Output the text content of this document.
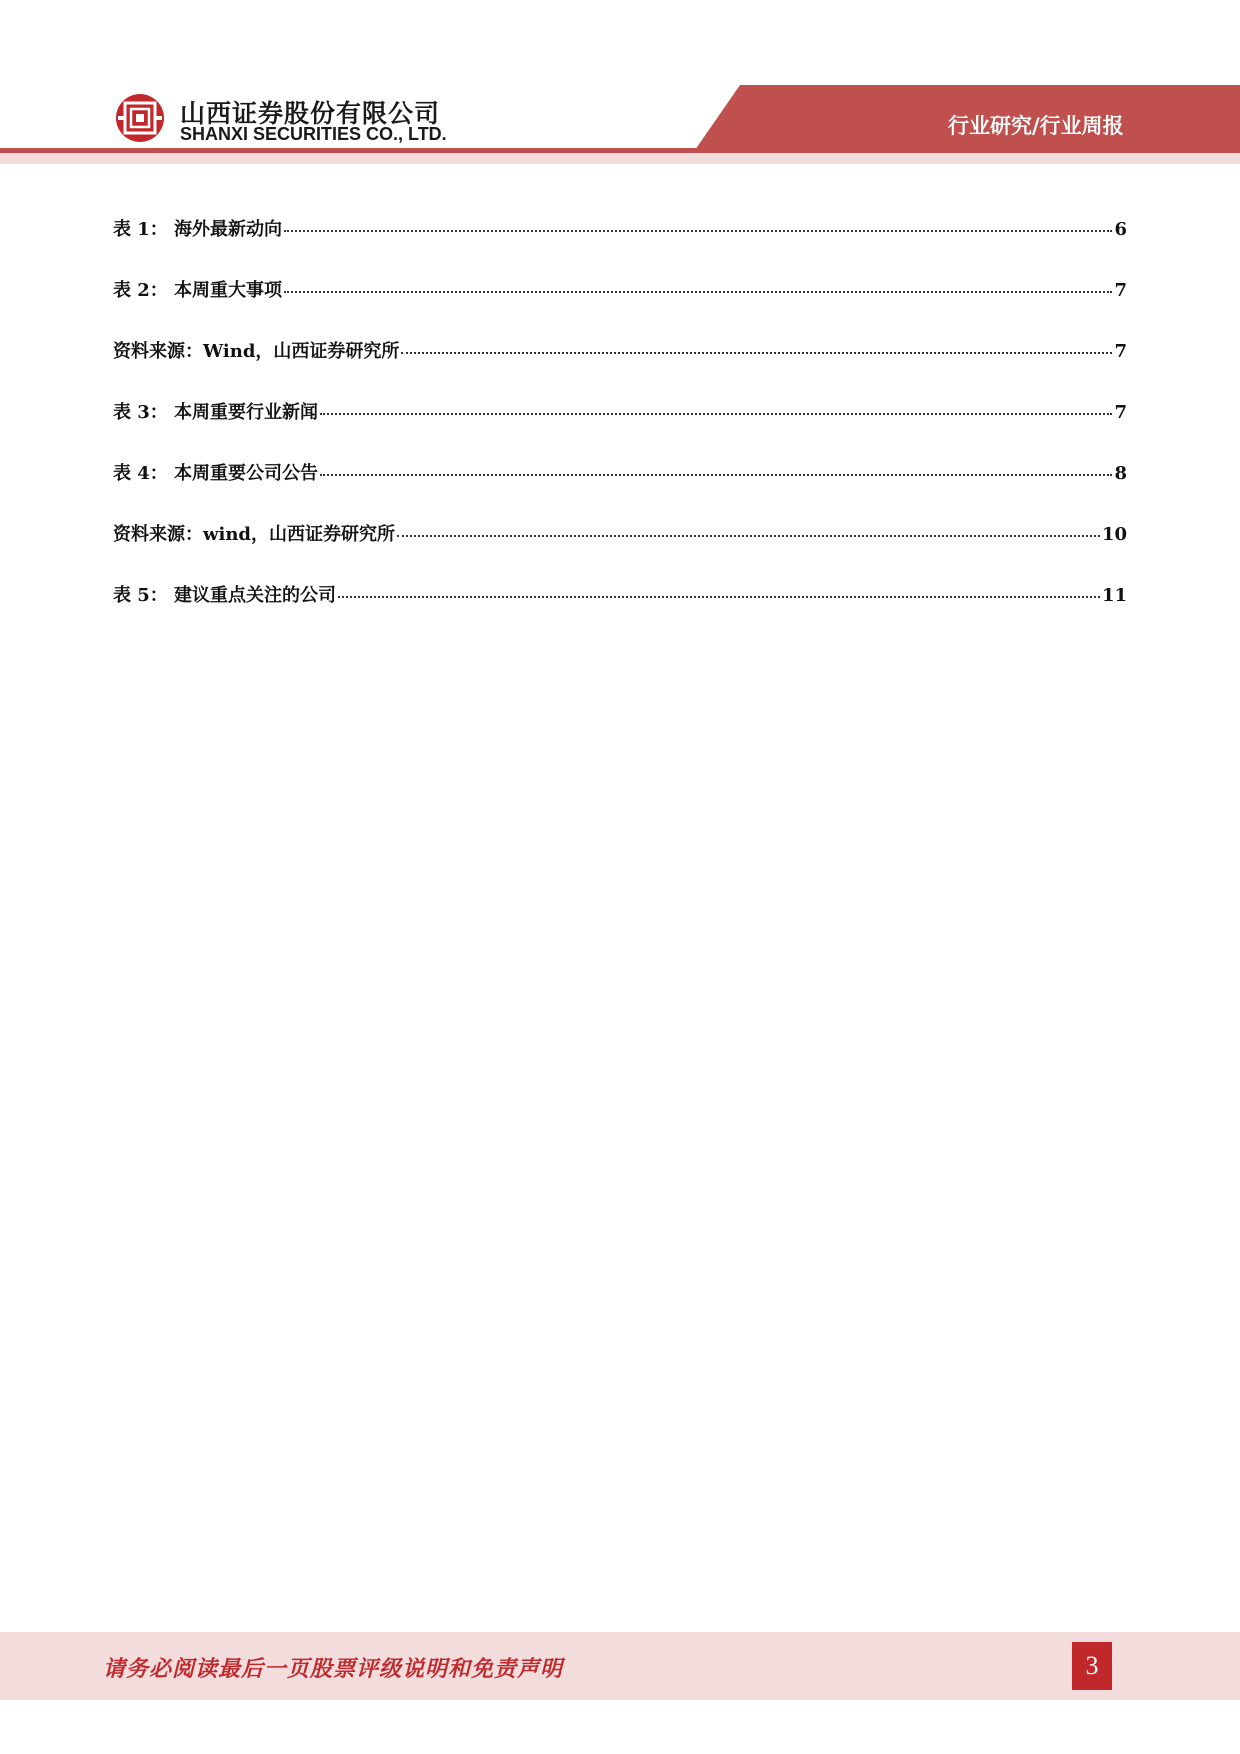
山西证券股份有限公司
SHANXI SECURITIES CO., LTD.	行业研究/行业周报
表 1： 海外最新动向	6
表 2： 本周重大事项	7
资料来源：Wind，山西证券研究所	7
表 3： 本周重要行业新闻	7
表 4： 本周重要公司公告	8
资料来源：wind，山西证券研究所	10
表 5： 建议重点关注的公司	11
请务必阅读最后一页股票评级说明和免责声明	3
